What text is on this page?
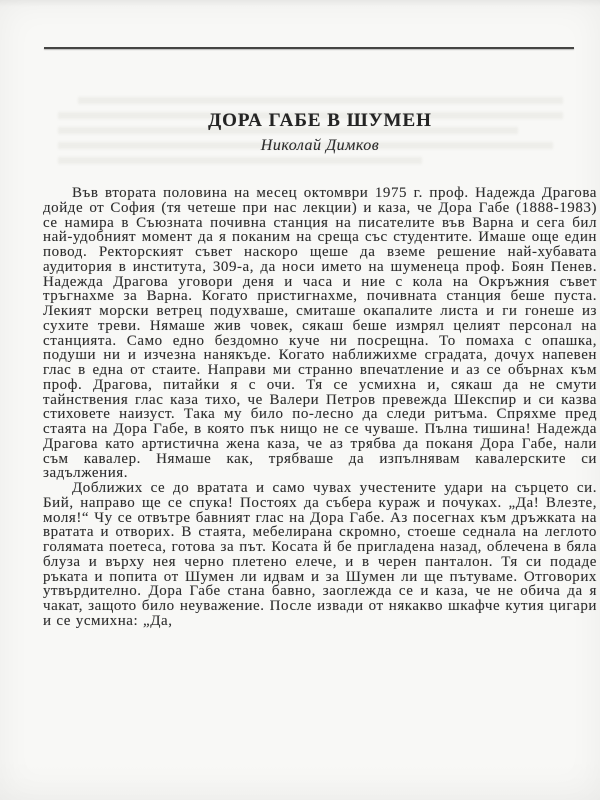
ДОРА ГАБЕ В ШУМЕН
Николай Димков

Във втората половина на месец октомври 1975 г. проф. Надежда Драгова дойде от София (тя четеше при нас лекции) и каза, че Дора Габе (1888-1983) се намира в Съюзната почивна станция на писателите във Варна и сега бил най-удобният момент да я поканим на среща със студентите. Имаше още един повод. Ректорският съвет наскоро щеше да вземе решение най-хубавата аудитория в института, 309-а, да носи името на шуменеца проф. Боян Пенев. Надежда Драгова уговори деня и часа и ние с кола на Окръжния съвет тръгнахме за Варна. Когато пристигнахме, почивната станция беше пуста. Лекият морски ветрец подухваше, смиташе окапалите листа и ги гонеше из сухите треви. Нямаше жив човек, сякаш беше измрял целият персонал на станцията. Само едно бездомно куче ни посрещна. То помаха с опашка, подуши ни и изчезна нанякъде. Когато наближихме сградата, дочух напевен глас в една от стаите. Направи ми странно впечатление и аз се обърнах към проф. Драгова, питайки я с очи. Тя се усмихна и, сякаш да не смути тайнствения глас каза тихо, че Валери Петров превежда Шекспир и си казва стиховете наизуст. Така му било по-лесно да следи ритъма. Спряхме пред стаята на Дора Габе, в която пък нищо не се чуваше. Пълна тишина! Надежда Драгова като артистична жена каза, че аз трябва да поканя Дора Габе, нали съм кавалер. Нямаше как, трябваше да изпълнявам кавалерските си задължения.

Доближих се до вратата и само чувах учестените удари на сърцето си. Бий, направо ще се спука! Постоях да събера кураж и почуках. „Да! Влезте, моля!“ Чу се отвътре бавният глас на Дора Габе. Аз посегнах към дръжката на вратата и отворих. В стаята, мебелирана скромно, стоеше седнала на леглото голямата поетеса, готова за път. Косата й бе пригладена назад, облечена в бяла блуза и върху нея черно плетено елече, и в черен панталон. Тя си подаде ръката и попита от Шумен ли идвам и за Шумен ли ще пътуваме. Отговорих утвърдително. Дора Габе стана бавно, заоглежда се и каза, че не обича да я чакат, защото било неуважение. После извади от някакво шкафче кутия цигари и се усмихна: „Да,
